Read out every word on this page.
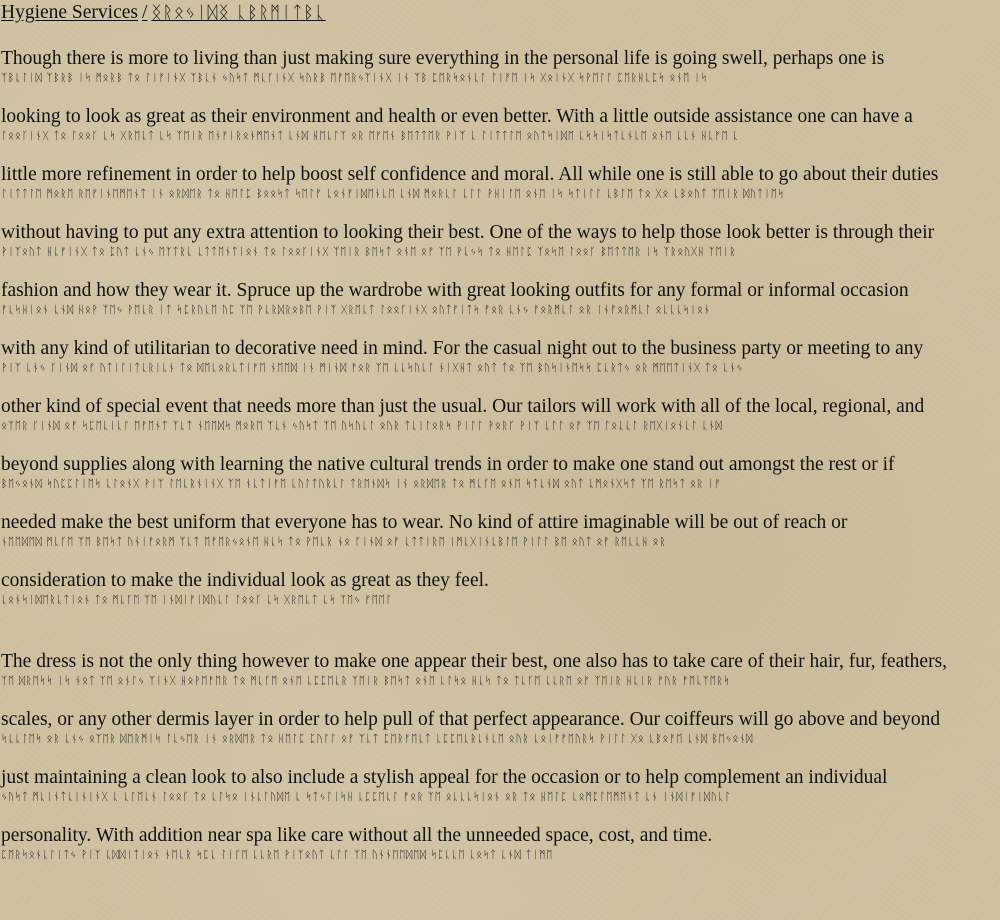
Hygiene Services / ᛝᚱᛟᛃᛁᛞᛝ ᚳᛒᚱᛗᛁᛏᛒᚳ
Though there is more to living than just making sure everything in the personal life is going swell, perhaps one is
ᛉᛒᚳᛚᛁᛞ ᛉᛒᚱᛒ ᛁᛋ ᛗᛟᚱᛒ ᛏᛟ ᛚᛁᚠᛁᚾᚷ ᛉᛒᚳᚾ ᛃᚢᛋᛏ ᛗᚳᚴᛁᚾᚷ ᛋᚢᚱᛒ ᛖᚠᛖᚱᛃᛉᛁᚾᚷ ᛁᚾ ᛉᛒ ᛈᛖᚱᛋᛟᚾᚳᛚ ᛚᛁᚠᛖ ᛁᛋ ᚷᛟᛁᚾᚷ ᛋᚹᛖᛚᛚ ᛈᛖᚱᚺᚳᛈᛋ ᛟᚾᛖ ᛁᛋ
looking to look as great as their environment and health or even better. With a little outside assistance one can have a
ᛚᛟᛟᚴᛁᚾᚷ ᛏᛟ ᛚᛟᛟᚴ ᚳᛋ ᚷᚱᛖᚳᛏ ᚳᛋ ᛉᛖᛁᚱ ᛖᚾᚠᛁᚱᛟᚾᛗᛖᚾᛏ ᚳᚾᛞ ᚺᛖᚳᛚᛉ ᛟᚱ ᛖᚠᛖᚾ ᛒᛖᛏᛏᛖᚱ ᚹᛁᛉ ᚳ ᛚᛁᛏᛏᛚᛖ ᛟᚢᛏᛋᛁᛞᛖ ᚳᛋᛋᛁᛋᛏᚳᚾᚳᛖ ᛟᚾᛖ ᚳᚳᚾ ᚺᚳᚠᛖ ᚳ
little more refinement in order to help boost self confidence and moral. All while one is still able to go about their duties
ᛚᛁᛏᛏᛚᛖ ᛗᛟᚱᛖ ᚱᛖᚠᛁᚾᛖᛗᛖᚾᛏ ᛁᚾ ᛟᚱᛞᛖᚱ ᛏᛟ ᚺᛖᛚᛈ ᛒᛟᛟᛋᛏ ᛋᛖᛚᚠ ᚳᛟᚾᚠᛁᛞᛖᚾᚳᛖ ᚳᚾᛞ ᛗᛟᚱᚳᛚ ᚳᛚᛚ ᚹᚺᛁᛚᛖ ᛟᚾᛖ ᛁᛋ ᛋᛏᛁᛚᛚ ᚳᛒᛚᛖ ᛏᛟ ᚷᛟ ᚳᛒᛟᚢᛏ ᛉᛖᛁᚱ ᛞᚢᛏᛁᛖᛋ
without having to put any extra attention to looking their best. One of the ways to help those look better is through their
ᚹᛁᛉᛟᚢᛏ ᚺᚳᚠᛁᚾᚷ ᛏᛟ ᛈᚢᛏ ᚳᚾᛃ ᛖᛉᛏᚱᚳ ᚳᛏᛏᛖᚾᛏᛁᛟᚾ ᛏᛟ ᛚᛟᛟᚴᛁᚾᚷ ᛉᛖᛁᚱ ᛒᛖᛋᛏ ᛟᚾᛖ ᛟᚠ ᛉᛖ ᚹᚳᛃᛋ ᛏᛟ ᚺᛖᛚᛈ ᛉᛟᛋᛖ ᛚᛟᛟᚴ ᛒᛖᛏᛏᛖᚱ ᛁᛋ ᛉᚱᛟᚢᚷᚺ ᛉᛖᛁᚱ
fashion and how they wear it. Spruce up the wardrobe with great looking outfits for any formal or informal occasion
ᚠᚳᛋᚺᛁᛟᚾ ᚳᚾᛞ ᚺᛟᚹ ᛉᛖᛃ ᚹᛖᚳᚱ ᛁᛏ ᛋᛈᚱᚢᚳᛖ ᚢᛈ ᛉᛖ ᚹᚳᚱᛞᚱᛟᛒᛖ ᚹᛁᛉ ᚷᚱᛖᚳᛏ ᛚᛟᛟᚴᛁᚾᚷ ᛟᚢᛏᚠᛁᛏᛋ ᚠᛟᚱ ᚳᚾᛃ ᚠᛟᚱᛗᚳᛚ ᛟᚱ ᛁᚾᚠᛟᚱᛗᚳᛚ ᛟᚳᚳᚳᛋᛁᛟᚾ
with any kind of utilitarian to decorative need in mind. For the casual night out to the business party or meeting to any
ᚹᛁᛉ ᚳᚾᛃ ᚴᛁᚾᛞ ᛟᚠ ᚢᛏᛁᛚᛁᛏᚳᚱᛁᚳᚾ ᛏᛟ ᛞᛖᚳᛟᚱᚳᛏᛁᚠᛖ ᚾᛖᛖᛞ ᛁᚾ ᛗᛁᚾᛞ ᚠᛟᚱ ᛉᛖ ᚳᚳᛋᚢᚳᛚ ᚾᛁᚷᚺᛏ ᛟᚢᛏ ᛏᛟ ᛉᛖ ᛒᚢᛋᛁᚾᛖᛋᛋ ᛈᚳᚱᛏᛃ ᛟᚱ ᛗᛖᛖᛏᛁᚾᚷ ᛏᛟ ᚳᚾᛃ
other kind of special event that needs more than just the usual. Our tailors will work with all of the local, regional, and
ᛟᛉᛖᚱ ᚴᛁᚾᛞ ᛟᚠ ᛋᛈᛖᚳᛁᚳᛚ ᛖᚠᛖᚾᛏ ᛉᚳᛏ ᚾᛖᛖᛞᛋ ᛗᛟᚱᛖ ᛉᚳᚾ ᛃᚢᛋᛏ ᛉᛖ ᚢᛋᚢᚳᛚ ᛟᚢᚱ ᛏᚳᛁᛚᛟᚱᛋ ᚹᛁᛚᛚ ᚹᛟᚱᚴ ᚹᛁᛉ ᚳᛚᛚ ᛟᚠ ᛉᛖ ᛚᛟᚳᚳᛚ ᚱᛖᚷᛁᛟᚾᚳᛚ ᚳᚾᛞ
beyond supplies along with learning the native cultural trends in order to make one stand out amongst the rest or if
ᛒᛖᛃᛟᚾᛞ ᛋᚢᛈᛈᛚᛁᛖᛋ ᚳᛚᛟᚾᚷ ᚹᛁᛉ ᛚᛖᚳᚱᚾᛁᚾᚷ ᛉᛖ ᚾᚳᛏᛁᚠᛖ ᚳᚢᛚᛏᚢᚱᚳᛚ ᛏᚱᛖᚾᛞᛋ ᛁᚾ ᛟᚱᛞᛖᚱ ᛏᛟ ᛗᚳᚴᛖ ᛟᚾᛖ ᛋᛏᚳᚾᛞ ᛟᚢᛏ ᚳᛗᛟᚾᚷᛋᛏ ᛉᛖ ᚱᛖᛋᛏ ᛟᚱ ᛁᚠ
needed make the best uniform that everyone has to wear. No kind of attire imaginable will be out of reach or
ᚾᛖᛖᛞᛖᛞ ᛗᚳᚴᛖ ᛉᛖ ᛒᛖᛋᛏ ᚢᚾᛁᚠᛟᚱᛗ ᛉᚳᛏ ᛖᚠᛖᚱᛃᛟᚾᛖ ᚺᚳᛋ ᛏᛟ ᚹᛖᚳᚱ ᚾᛟ ᚴᛁᚾᛞ ᛟᚠ ᚳᛏᛏᛁᚱᛖ ᛁᛗᚳᚷᛁᚾᚳᛒᛚᛖ ᚹᛁᛚᛚ ᛒᛖ ᛟᚢᛏ ᛟᚠ ᚱᛖᚳᚳᚺ ᛟᚱ
consideration to make the individual look as great as they feel.
ᚳᛟᚾᛋᛁᛞᛖᚱᚳᛏᛁᛟᚾ ᛏᛟ ᛗᚳᚴᛖ ᛉᛖ ᛁᚾᛞᛁᚠᛁᛞᚢᚳᛚ ᛚᛟᛟᚴ ᚳᛋ ᚷᚱᛖᚳᛏ ᚳᛋ ᛉᛖᛃ ᚠᛖᛖᛚ
The dress is not the only thing however to make one appear their best, one also has to take care of their hair, fur, feathers,
ᛉᛖ ᛞᚱᛖᛋᛋ ᛁᛋ ᚾᛟᛏ ᛉᛖ ᛟᚾᛚᛃ ᛉᛁᚾᚷ ᚺᛟᚹᛖᚠᛖᚱ ᛏᛟ ᛗᚳᚴᛖ ᛟᚾᛖ ᚳᛈᛈᛖᚳᚱ ᛉᛖᛁᚱ ᛒᛖᛋᛏ ᛟᚾᛖ ᚳᛚᛋᛟ ᚺᚳᛋ ᛏᛟ ᛏᚳᚴᛖ ᚳᚳᚱᛖ ᛟᚠ ᛉᛖᛁᚱ ᚺᚳᛁᚱ ᚠᚢᚱ ᚠᛖᚳᛉᛖᚱᛋ
scales, or any other dermis layer in order to help pull of that perfect appearance. Our coiffeurs will go above and beyond
ᛋᚳᚳᛚᛖᛋ ᛟᚱ ᚳᚾᛃ ᛟᛉᛖᚱ ᛞᛖᚱᛗᛁᛋ ᛚᚳᛃᛖᚱ ᛁᚾ ᛟᚱᛞᛖᚱ ᛏᛟ ᚺᛖᛚᛈ ᛈᚢᛚᛚ ᛟᚠ ᛉᚳᛏ ᛈᛖᚱᚠᛖᚳᛏ ᚳᛈᛈᛖᚳᚱᚳᚾᚳᛖ ᛟᚢᚱ ᚳᛟᛁᚠᚠᛖᚢᚱᛋ ᚹᛁᛚᛚ ᚷᛟ ᚳᛒᛟᚠᛖ ᚳᚾᛞ ᛒᛖᛃᛟᚾᛞ
just maintaining a clean look to also include a stylish appeal for the occasion or to help complement an individual
ᛃᚢᛋᛏ ᛗᚳᛁᚾᛏᚳᛁᚾᛁᚾᚷ ᚳ ᚳᛚᛖᚳᚾ ᛚᛟᛟᚴ ᛏᛟ ᚳᛚᛋᛟ ᛁᚾᚳᛚᚢᛞᛖ ᚳ ᛋᛏᛃᛚᛁᛋᚺ ᚳᛈᛈᛖᚳᛚ ᚠᛟᚱ ᛉᛖ ᛟᚳᚳᚳᛋᛁᛟᚾ ᛟᚱ ᛏᛟ ᚺᛖᛚᛈ ᚳᛟᛗᛈᛚᛖᛗᛖᚾᛏ ᚳᚾ ᛁᚾᛞᛁᚠᛁᛞᚢᚳᛚ
personality. With addition near spa like care without all the unneeded space, cost, and time.
ᛈᛖᚱᛋᛟᚾᚳᛚᛁᛏᛃ ᚹᛁᛉ ᚳᛞᛞᛁᛏᛁᛟᚾ ᚾᛖᚳᚱ ᛋᛈᚳ ᛚᛁᚴᛖ ᚳᚳᚱᛖ ᚹᛁᛉᛟᚢᛏ ᚳᛚᛚ ᛉᛖ ᚢᚾᚾᛖᛖᛞᛖᛞ ᛋᛈᚳᚳᛖ ᚳᛟᛋᛏ ᚳᚾᛞ ᛏᛁᛗᛖ
